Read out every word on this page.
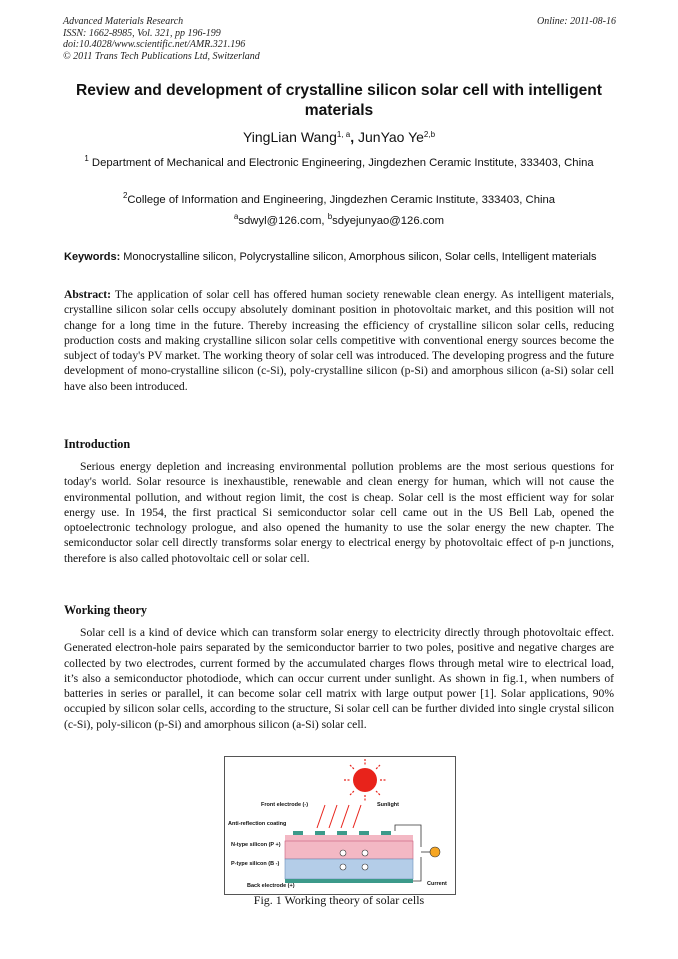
Advanced Materials Research
ISSN: 1662-8985, Vol. 321, pp 196-199
doi:10.4028/www.scientific.net/AMR.321.196
© 2011 Trans Tech Publications Ltd, Switzerland
Online: 2011-08-16
Review and development of crystalline silicon solar cell with intelligent materials
YingLian Wang$^{1, a}$, JunYao Ye$^{2,b}$
$^1$ Department of Mechanical and Electronic Engineering, Jingdezhen Ceramic Institute, 333403, China
$^2$College of Information and Engineering, Jingdezhen Ceramic Institute, 333403, China
$^a$sdwyl@126.com, $^b$sdyejunyao@126.com
Keywords: Monocrystalline silicon, Polycrystalline silicon, Amorphous silicon, Solar cells, Intelligent materials

Abstract: The application of solar cell has offered human society renewable clean energy. As intelligent materials, crystalline silicon solar cells occupy absolutely dominant position in photovoltaic market, and this position will not change for a long time in the future. Thereby increasing the efficiency of crystalline silicon solar cells, reducing production costs and making crystalline silicon solar cells competitive with conventional energy sources become the subject of today's PV market. The working theory of solar cell was introduced. The developing progress and the future development of mono-crystalline silicon (c-Si), poly-crystalline silicon (p-Si) and amorphous silicon (a-Si) solar cell have also been introduced.

Introduction

Serious energy depletion and increasing environmental pollution problems are the most serious questions for today's world. Solar resource is inexhaustible, renewable and clean energy for human, which will not cause the environmental pollution, and without region limit, the cost is cheap. Solar cell is the most efficient way for solar energy use. In 1954, the first practical Si semiconductor solar cell came out in the US Bell Lab, opened the optoelectronic technology prologue, and also opened the humanity to use the solar energy the new chapter. The semiconductor solar cell directly transforms solar energy to electrical energy by photovoltaic effect of p-n junctions, therefore is also called photovoltaic cell or solar cell.

Working theory

Solar cell is a kind of device which can transform solar energy to electricity directly through photovoltaic effect. Generated electron-hole pairs separated by the semiconductor barrier to two poles, positive and negative charges are collected by two electrodes, current formed by the accumulated charges flows through metal wire to electrical load, it’s also a semiconductor photodiode, which can occur current under sunlight. As shown in fig.1, when numbers of batteries in series or parallel, it can become solar cell matrix with large output power [1]. Solar applications, 90% occupied by silicon solar cells, according to the structure, Si solar cell can be further divided into single crystal silicon (c-Si), poly-silicon (p-Si) and amorphous silicon (a-Si) solar cell.

Front electrode (-)	Sunlight
Anti-reflection coating
N-type silicon (P +)
P-type silicon (B -)
Back electrode (+)	Current
Fig. 1 Working theory of solar cells
